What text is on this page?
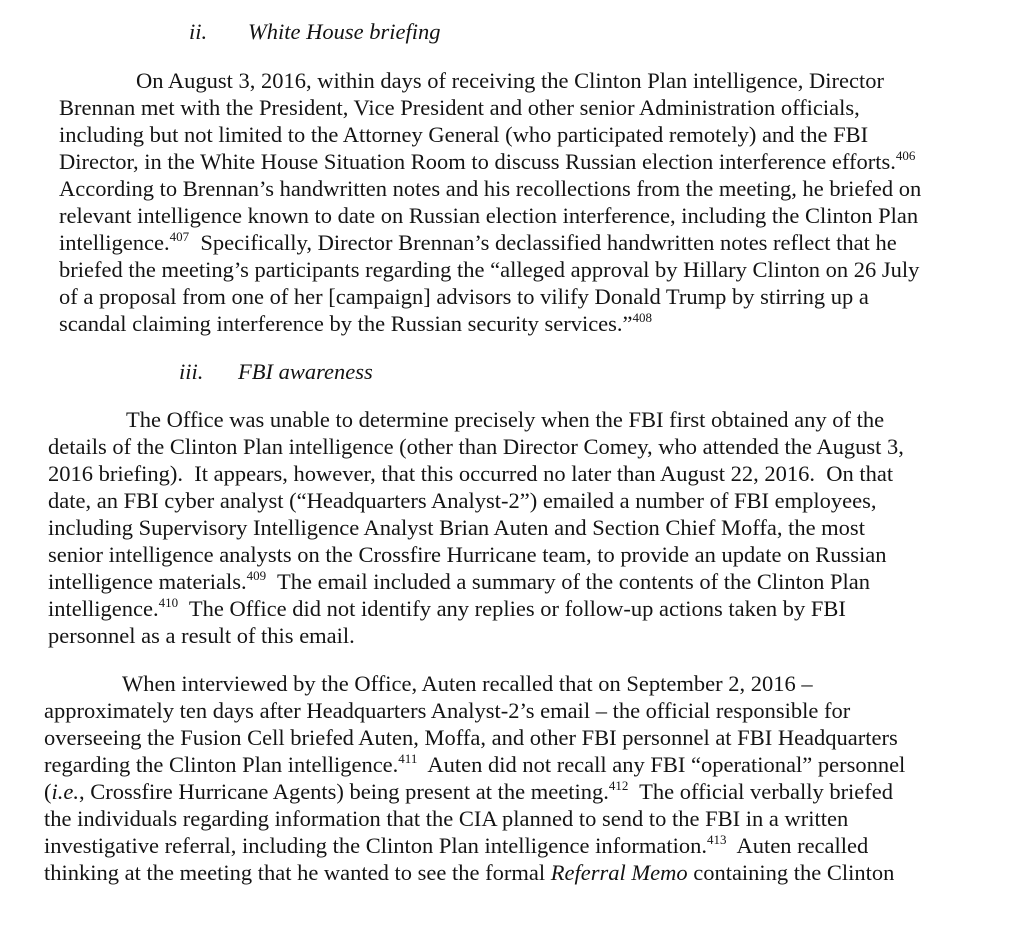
ii. White House briefing
On August 3, 2016, within days of receiving the Clinton Plan intelligence, Director
Brennan met with the President, Vice President and other senior Administration officials,
including but not limited to the Attorney General (who participated remotely) and the FBI
Director, in the White House Situation Room to discuss Russian election interference efforts.$^{406}$
According to Brennan’s handwritten notes and his recollections from the meeting, he briefed on
relevant intelligence known to date on Russian election interference, including the Clinton Plan
intelligence.$^{407}$  Specifically, Director Brennan’s declassified handwritten notes reflect that he
briefed the meeting’s participants regarding the “alleged approval by Hillary Clinton on 26 July
of a proposal from one of her [campaign] advisors to vilify Donald Trump by stirring up a
scandal claiming interference by the Russian security services.”$^{408}$
iii. FBI awareness
The Office was unable to determine precisely when the FBI first obtained any of the
details of the Clinton Plan intelligence (other than Director Comey, who attended the August 3,
2016 briefing).  It appears, however, that this occurred no later than August 22, 2016.  On that
date, an FBI cyber analyst (“Headquarters Analyst-2”) emailed a number of FBI employees,
including Supervisory Intelligence Analyst Brian Auten and Section Chief Moffa, the most
senior intelligence analysts on the Crossfire Hurricane team, to provide an update on Russian
intelligence materials.$^{409}$  The email included a summary of the contents of the Clinton Plan
intelligence.$^{410}$  The Office did not identify any replies or follow-up actions taken by FBI
personnel as a result of this email.
When interviewed by the Office, Auten recalled that on September 2, 2016 –
approximately ten days after Headquarters Analyst-2’s email – the official responsible for
overseeing the Fusion Cell briefed Auten, Moffa, and other FBI personnel at FBI Headquarters
regarding the Clinton Plan intelligence.$^{411}$  Auten did not recall any FBI “operational” personnel
(i.e., Crossfire Hurricane Agents) being present at the meeting.$^{412}$  The official verbally briefed
the individuals regarding information that the CIA planned to send to the FBI in a written
investigative referral, including the Clinton Plan intelligence information.$^{413}$  Auten recalled
thinking at the meeting that he wanted to see the formal Referral Memo containing the Clinton
